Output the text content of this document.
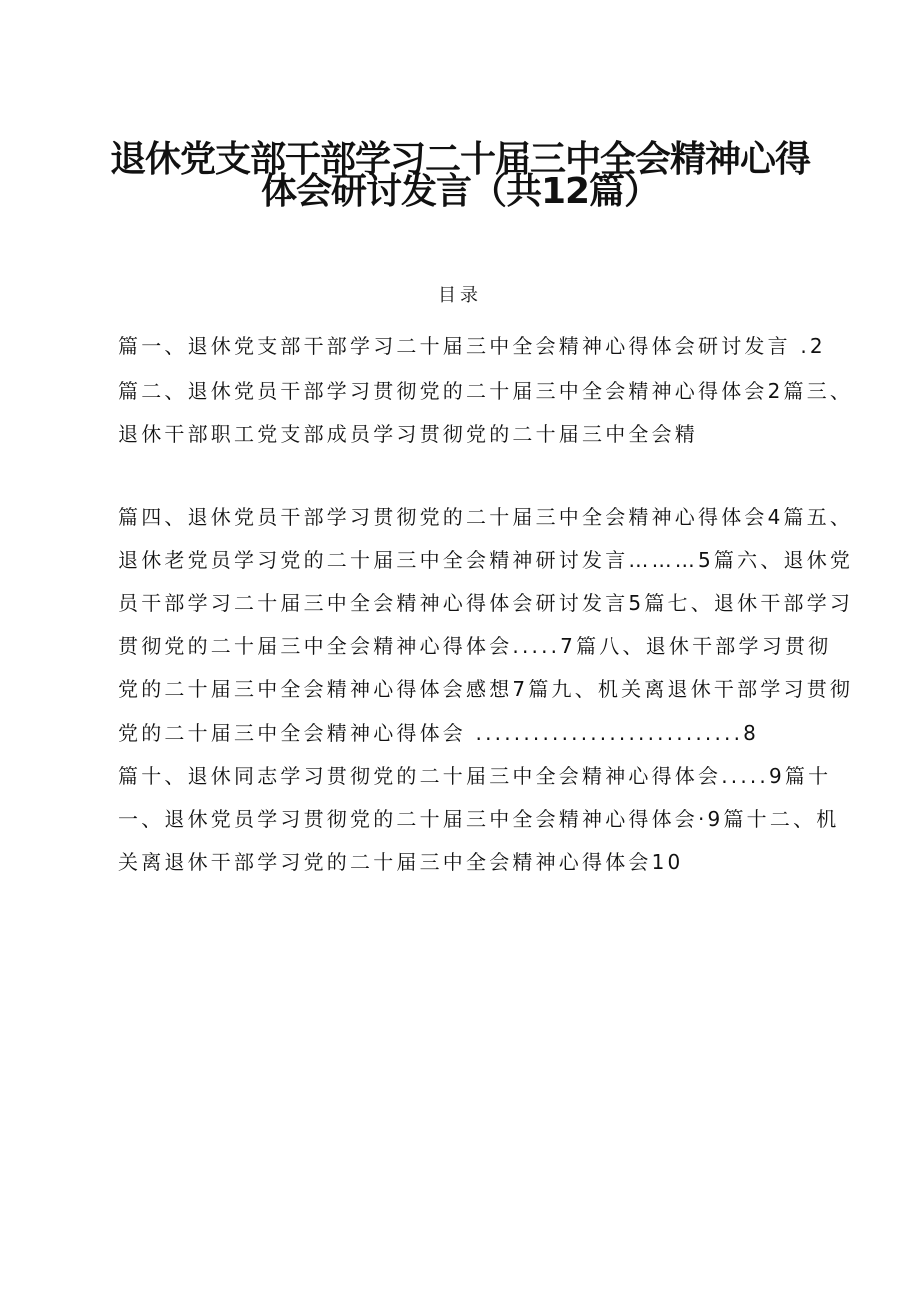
退休党支部干部学习二十届三中全会精神心得
体会研讨发言（共12篇）
目录
篇一、退休党支部干部学习二十届三中全会精神心得体会研讨发言 .2
篇二、退休党员干部学习贯彻党的二十届三中全会精神心得体会2篇三、
退休干部职工党支部成员学习贯彻党的二十届三中全会精
篇四、退休党员干部学习贯彻党的二十届三中全会精神心得体会4篇五、
退休老党员学习党的二十届三中全会精神研讨发言………5篇六、退休党
员干部学习二十届三中全会精神心得体会研讨发言5篇七、退休干部学习
贯彻党的二十届三中全会精神心得体会.....7篇八、退休干部学习贯彻
党的二十届三中全会精神心得体会感想7篇九、机关离退休干部学习贯彻
党的二十届三中全会精神心得体会 ............................8
篇十、退休同志学习贯彻党的二十届三中全会精神心得体会.....9篇十
一、退休党员学习贯彻党的二十届三中全会精神心得体会·9篇十二、机
关离退休干部学习党的二十届三中全会精神心得体会10
